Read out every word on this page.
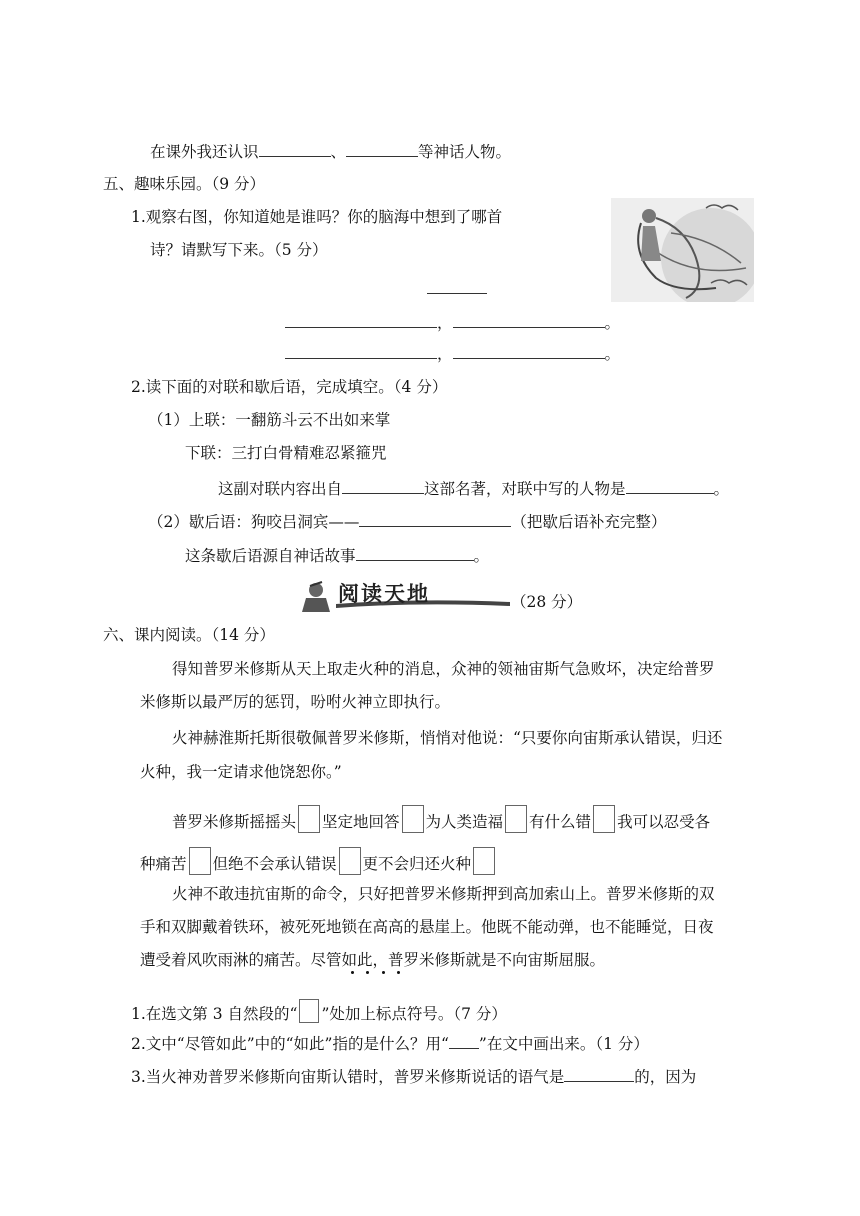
在课外我还认识	、	等神话人物。
五、趣味乐园。（9 分）
1.观察右图，你知道她是谁吗？你的脑海中想到了哪首
诗？请默写下来。（5 分）
，	。
，	。
2.读下面的对联和歇后语，完成填空。（4 分）
（1）上联：一翻筋斗云不出如来掌
下联：三打白骨精难忍紧箍咒
这副对联内容出自	这部名著，对联中写的人物是	。
（2）歇后语：狗咬吕洞宾——	（把歇后语补充完整）
这条歇后语源自神话故事	。
阅读天地	（28 分）
六、课内阅读。（14 分）
得知普罗米修斯从天上取走火种的消息，众神的领袖宙斯气急败坏，决定给普罗
米修斯以最严厉的惩罚，吩咐火神立即执行。
火神赫淮斯托斯很敬佩普罗米修斯，悄悄对他说：“只要你向宙斯承认错误，归还
火种，我一定请求他饶恕你。”
普罗米修斯摇摇头 坚定地回答 为人类造福 有什么错 我可以忍受各
种痛苦 但绝不会承认错误 更不会归还火种
火神不敢违抗宙斯的命令，只好把普罗米修斯押到高加索山上。普罗米修斯的双
手和双脚戴着铁环，被死死地锁在高高的悬崖上。他既不能动弹，也不能睡觉，日夜
遭受着风吹雨淋的痛苦。尽管如此，普罗米修斯就是不向宙斯屈服。
1.在选文第 3 自然段的“ ”处加上标点符号。（7 分）
2.文中“尽管如此”中的“如此”指的是什么？用“ ”在文中画出来。（1 分）
3.当火神劝普罗米修斯向宙斯认错时，普罗米修斯说话的语气是	的，因为
